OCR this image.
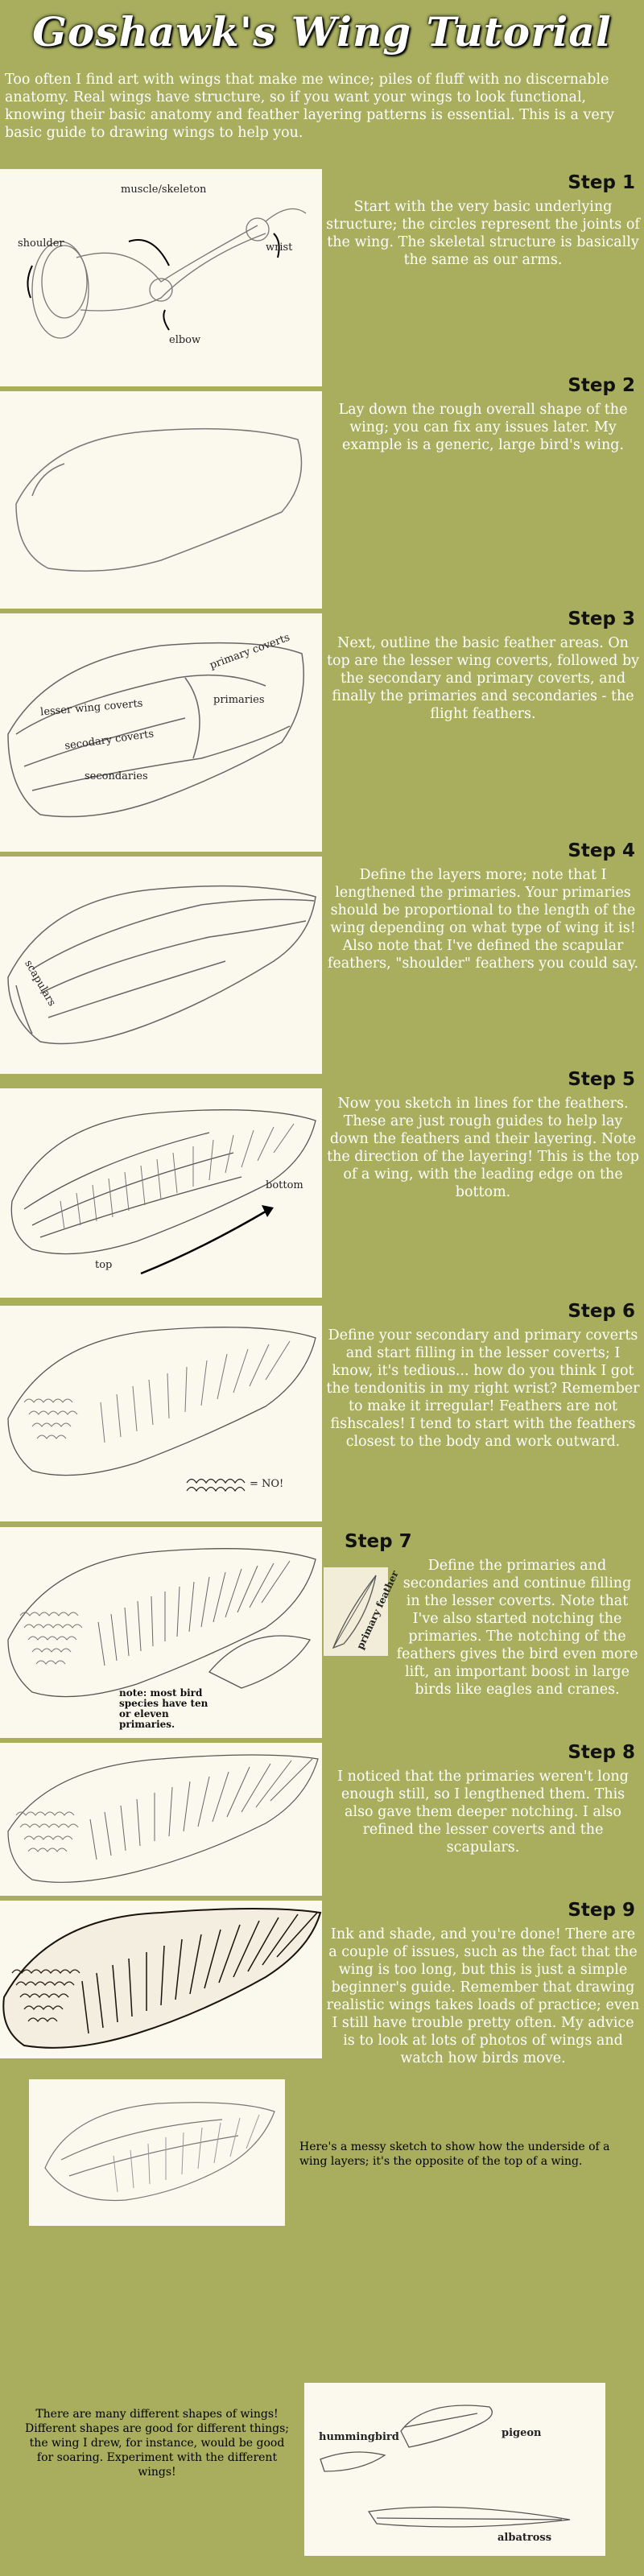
Goshawk's Wing Tutorial
Too often I find art with wings that make me wince; piles of fluff with no discernable anatomy. Real wings have structure, so if you want your wings to look functional, knowing their basic anatomy and feather layering patterns is essential. This is a very basic guide to drawing wings to help you.
muscle/skeleton
shoulder	wrist
elbow
Step 1

Start with the very basic underlying structure; the circles represent the joints of the wing. The skeletal structure is basically the same as our arms.

Step 2

Lay down the rough overall shape of the wing; you can fix any issues later. My example is a generic, large bird's wing.

primary coverts
lesser wing coverts	primaries
secodary coverts
secondaries
Step 3

Next, outline the basic feather areas. On top are the lesser wing coverts, followed by the secondary and primary coverts, and finally the primaries and secondaries - the flight feathers.

scapulars
Step 4

Define the layers more; note that I lengthened the primaries. Your primaries should be proportional to the length of the wing depending on what type of wing it is! Also note that I've defined the scapular feathers, "shoulder" feathers you could say.

bottom
top
Step 5

Now you sketch in lines for the feathers. These are just rough guides to help lay down the feathers and their layering. Note the direction of the layering! This is the top of a wing, with the leading edge on the bottom.

= NO!
Step 6

Define your secondary and primary coverts and start filling in the lesser coverts; I know, it's tedious... how do you think I got the tendonitis in my right wrist? Remember to make it irregular! Feathers are not fishscales! I tend to start with the feathers closest to the body and work outward.

note: most bird species have ten or eleven primaries.
primary feather
Step 7

Define the primaries and secondaries and continue filling in the lesser coverts. Note that I've also started notching the primaries. The notching of the feathers gives the bird even more lift, an important boost in large birds like eagles and cranes.

Step 8

I noticed that the primaries weren't long enough still, so I lengthened them. This also gave them deeper notching. I also refined the lesser coverts and the scapulars.

Step 9

Ink and shade, and you're done! There are a couple of issues, such as the fact that the wing is too long, but this is just a simple beginner's guide. Remember that drawing realistic wings takes loads of practice; even I still have trouble pretty often. My advice is to look at lots of photos of wings and watch how birds move.

Here's a messy sketch to show how the underside of a wing layers; it's the opposite of the top of a wing.
There are many different shapes of wings! Different shapes are good for different things; the wing I drew, for instance, would be good for soaring. Experiment with the different wings!
hummingbird	pigeon
albatross
